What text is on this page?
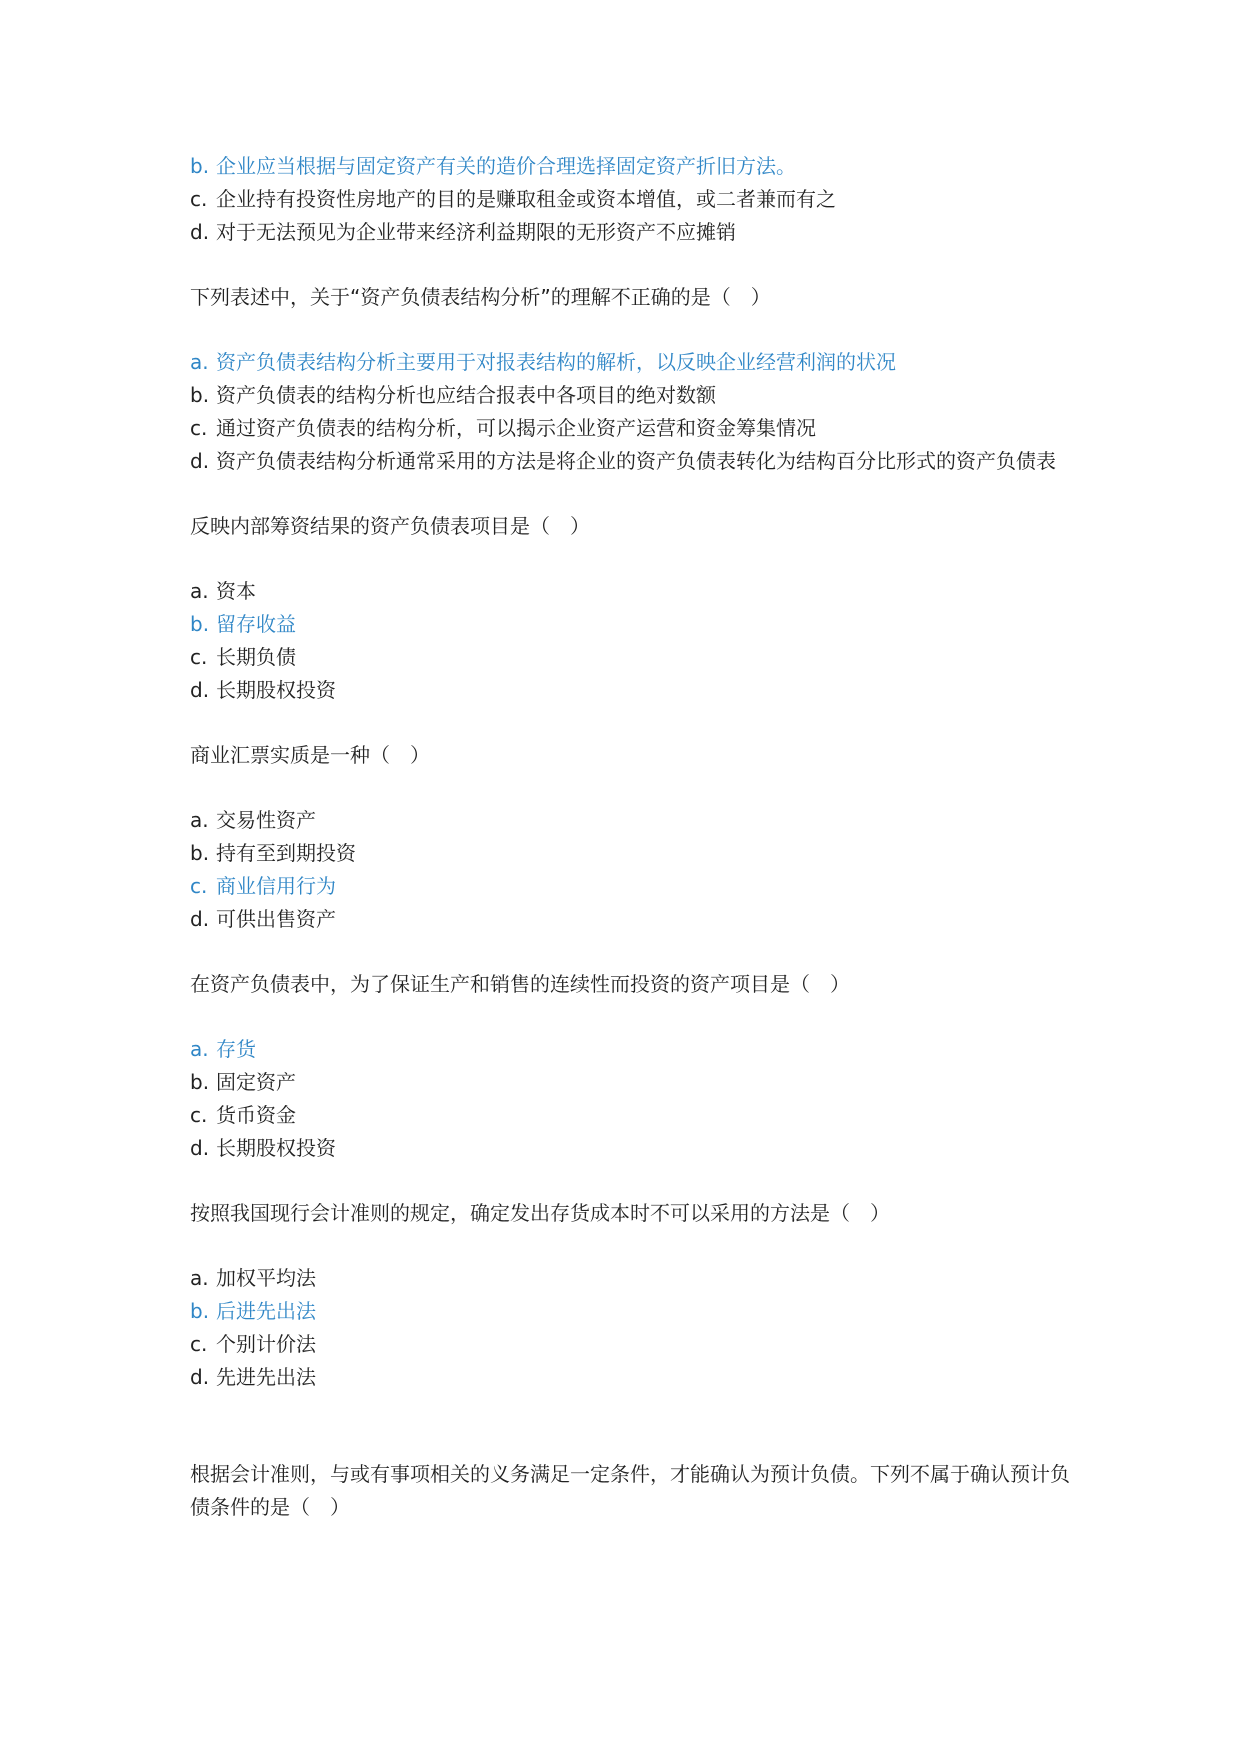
b. 企业应当根据与固定资产有关的造价合理选择固定资产折旧方法。
c. 企业持有投资性房地产的目的是赚取租金或资本增值，或二者兼而有之
d. 对于无法预见为企业带来经济利益期限的无形资产不应摊销
下列表述中，关于“资产负债表结构分析”的理解不正确的是（　）
a. 资产负债表结构分析主要用于对报表结构的解析，以反映企业经营利润的状况
b. 资产负债表的结构分析也应结合报表中各项目的绝对数额
c. 通过资产负债表的结构分析，可以揭示企业资产运营和资金筹集情况
d. 资产负债表结构分析通常采用的方法是将企业的资产负债表转化为结构百分比形式的资产负债表
反映内部筹资结果的资产负债表项目是（　）
a. 资本
b. 留存收益
c. 长期负债
d. 长期股权投资
商业汇票实质是一种（　）
a. 交易性资产
b. 持有至到期投资
c. 商业信用行为
d. 可供出售资产
在资产负债表中，为了保证生产和销售的连续性而投资的资产项目是（　）
a. 存货
b. 固定资产
c. 货币资金
d. 长期股权投资
按照我国现行会计准则的规定，确定发出存货成本时不可以采用的方法是（　）
a. 加权平均法
b. 后进先出法
c. 个别计价法
d. 先进先出法
根据会计准则，与或有事项相关的义务满足一定条件，才能确认为预计负债。下列不属于确认预计负债条件的是（　）
